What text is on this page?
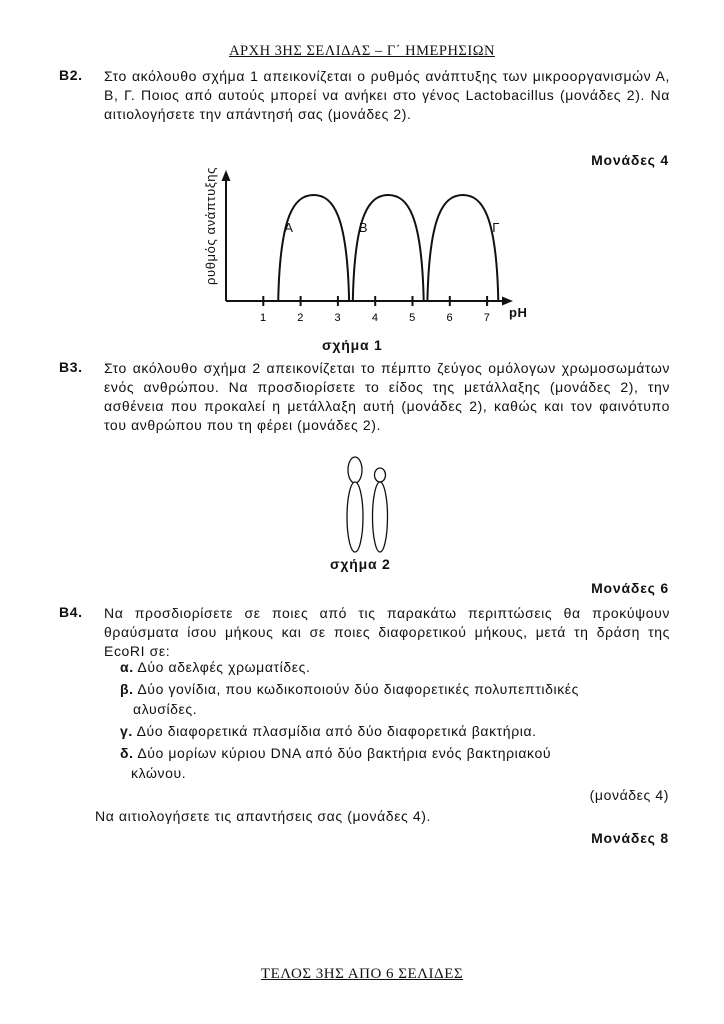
ΑΡΧΗ 3ΗΣ ΣΕΛΙΔΑΣ – Γ΄ ΗΜΕΡΗΣΙΩΝ
Β2. Στο ακόλουθο σχήμα 1 απεικονίζεται ο ρυθμός ανάπτυξης των μικροοργανισμών Α, Β, Γ. Ποιος από αυτούς μπορεί να ανήκει στο γένος Lactobacillus (μονάδες 2). Να αιτιολογήσετε την απάντησή σας (μονάδες 2).
Μονάδες 4
ρυθμός ανάπτυξης
1	2	3	4	5	6	7
Α	Β	Γ
pH
σχήμα 1
Β3. Στο ακόλουθο σχήμα 2 απεικονίζεται το πέμπτο ζεύγος ομόλογων χρωμοσωμάτων ενός ανθρώπου. Να προσδιορίσετε το είδος της μετάλλαξης (μονάδες 2), την ασθένεια που προκαλεί η μετάλλαξη αυτή (μονάδες 2), καθώς και τον φαινότυπο του ανθρώπου που τη φέρει (μονάδες 2).
σχήμα 2
Μονάδες 6
Β4. Να προσδιορίσετε σε ποιες από τις παρακάτω περιπτώσεις θα προκύψουν θραύσματα ίσου μήκους και σε ποιες διαφορετικού μήκους, μετά τη δράση της EcoRI σε:
α. Δύο αδελφές χρωματίδες.
β. Δύο γονίδια, που κωδικοποιούν δύο διαφορετικές πολυπεπτιδικές
αλυσίδες.
γ. Δύο διαφορετικά πλασμίδια από δύο διαφορετικά βακτήρια.
δ. Δύο μορίων κύριου DNA από δύο βακτήρια ενός βακτηριακού
κλώνου.
(μονάδες 4)
Να αιτιολογήσετε τις απαντήσεις σας (μονάδες 4).
Μονάδες 8
ΤΕΛΟΣ 3ΗΣ ΑΠΟ 6 ΣΕΛΙΔΕΣ
